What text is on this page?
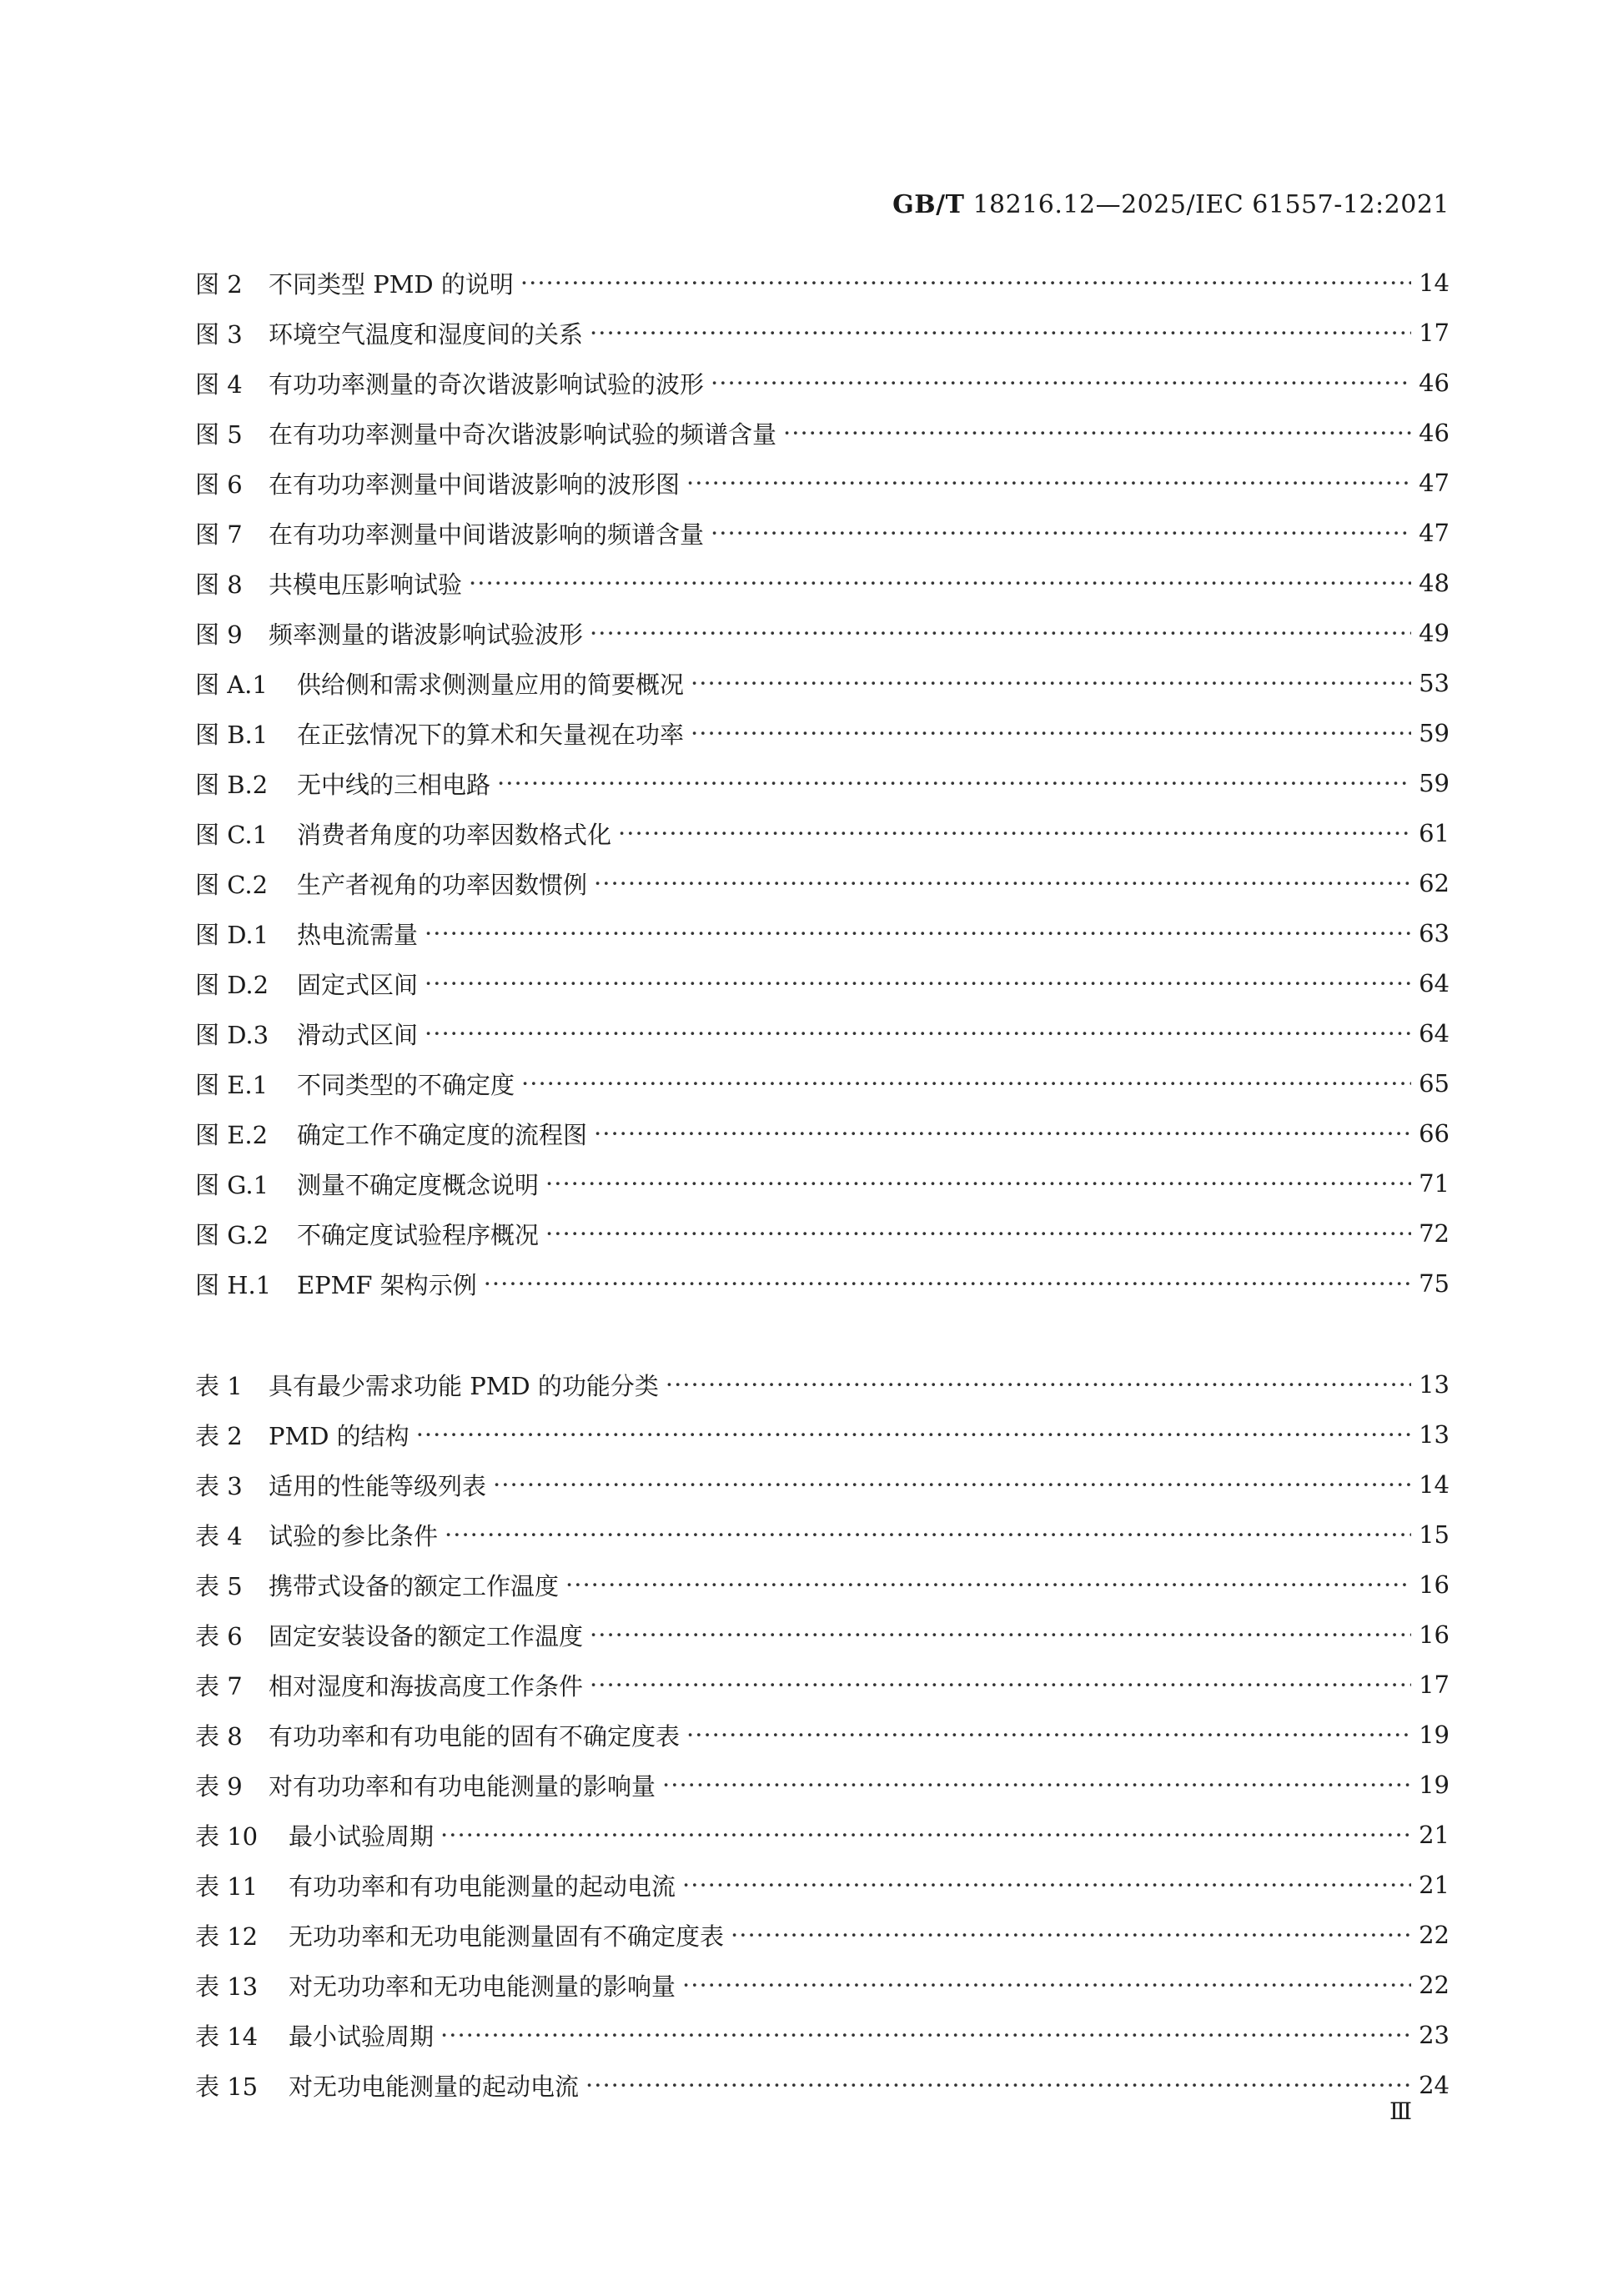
GB/T 18216.12—2025/IEC 61557-12:2021
图 2	不同类型 PMD 的说明 ·····	14
图 3	环境空气温度和湿度间的关系 ·····	17
图 4	有功功率测量的奇次谐波影响试验的波形 ·····	46
图 5	在有功功率测量中奇次谐波影响试验的频谱含量 ·····	46
图 6	在有功功率测量中间谐波影响的波形图 ·····	47
图 7	在有功功率测量中间谐波影响的频谱含量 ·····	47
图 8	共模电压影响试验 ·····	48
图 9	频率测量的谐波影响试验波形 ·····	49
图 A.1	供给侧和需求侧测量应用的简要概况 ·····	53
图 B.1	在正弦情况下的算术和矢量视在功率 ·····	59
图 B.2	无中线的三相电路 ·····	59
图 C.1	消费者角度的功率因数格式化 ·····	61
图 C.2	生产者视角的功率因数惯例 ·····	62
图 D.1	热电流需量 ·····	63
图 D.2	固定式区间 ·····	64
图 D.3	滑动式区间 ·····	64
图 E.1	不同类型的不确定度 ·····	65
图 E.2	确定工作不确定度的流程图 ·····	66
图 G.1	测量不确定度概念说明 ·····	71
图 G.2	不确定度试验程序概况 ·····	72
图 H.1	EPMF 架构示例 ·····	75
表 1	具有最少需求功能 PMD 的功能分类 ·····	13
表 2	PMD 的结构 ·····	13
表 3	适用的性能等级列表 ·····	14
表 4	试验的参比条件 ·····	15
表 5	携带式设备的额定工作温度 ·····	16
表 6	固定安装设备的额定工作温度 ·····	16
表 7	相对湿度和海拔高度工作条件 ·····	17
表 8	有功功率和有功电能的固有不确定度表 ·····	19
表 9	对有功功率和有功电能测量的影响量 ·····	19
表 10	最小试验周期 ·····	21
表 11	有功功率和有功电能测量的起动电流 ·····	21
表 12	无功功率和无功电能测量固有不确定度表 ·····	22
表 13	对无功功率和无功电能测量的影响量 ·····	22
表 14	最小试验周期 ·····	23
表 15	对无功电能测量的起动电流 ·····	24
Ⅲ
